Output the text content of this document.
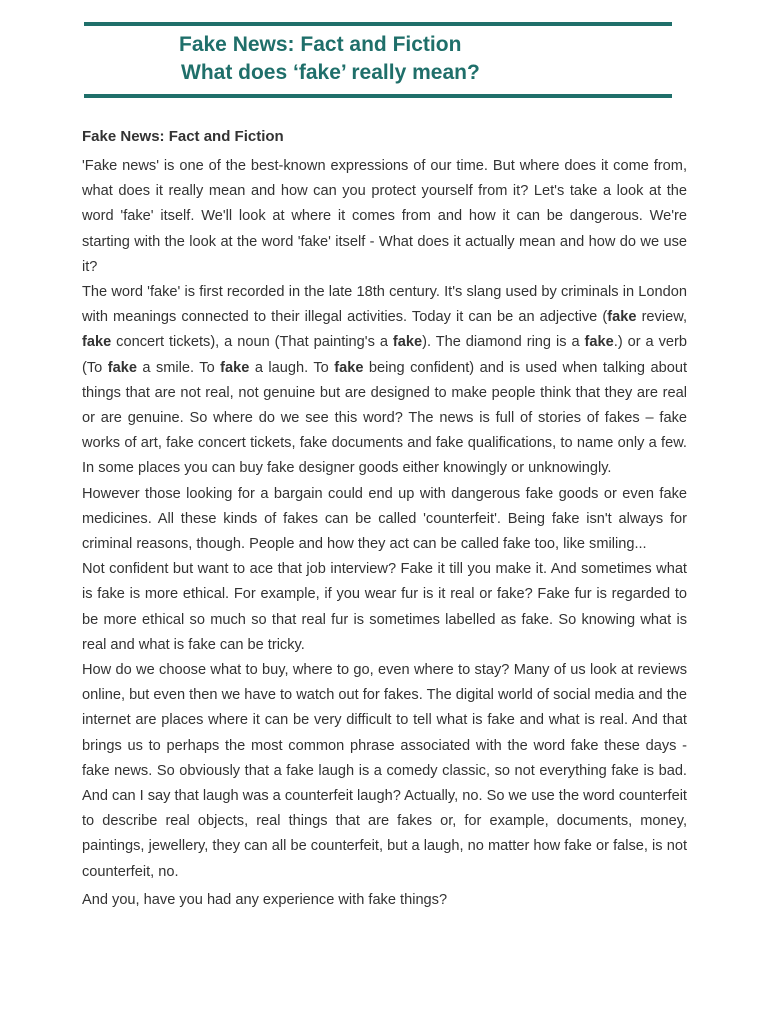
Fake News: Fact and Fiction
What does ‘fake’ really mean?
Fake News: Fact and Fiction

'Fake news' is one of the best-known expressions of our time. But where does it come from, what does it really mean and how can you protect yourself from it? Let's take a look at the word 'fake' itself. We'll look at where it comes from and how it can be dangerous. We're starting with the look at the word 'fake' itself - What does it actually mean and how do we use it?

The word 'fake' is first recorded in the late 18th century. It's slang used by criminals in London with meanings connected to their illegal activities. Today it can be an adjective (fake review, fake concert tickets), a noun (That painting's a fake). The diamond ring is a fake.) or a verb (To fake a smile. To fake a laugh. To fake being confident) and is used when talking about things that are not real, not genuine but are designed to make people think that they are real or are genuine. So where do we see this word? The news is full of stories of fakes – fake works of art, fake concert tickets, fake documents and fake qualifications, to name only a few. In some places you can buy fake designer goods either knowingly or unknowingly.

However those looking for a bargain could end up with dangerous fake goods or even fake medicines. All these kinds of fakes can be called 'counterfeit'. Being fake isn't always for criminal reasons, though. People and how they act can be called fake too, like smiling...

Not confident but want to ace that job interview? Fake it till you make it. And sometimes what is fake is more ethical. For example, if you wear fur is it real or fake? Fake fur is regarded to be more ethical so much so that real fur is sometimes labelled as fake. So knowing what is real and what is fake can be tricky.

How do we choose what to buy, where to go, even where to stay? Many of us look at reviews online, but even then we have to watch out for fakes. The digital world of social media and the internet are places where it can be very difficult to tell what is fake and what is real. And that brings us to perhaps the most common phrase associated with the word fake these days - fake news. So obviously that a fake laugh is a comedy classic, so not everything fake is bad. And can I say that laugh was a counterfeit laugh? Actually, no. So we use the word counterfeit to describe real objects, real things that are fakes or, for example, documents, money, paintings, jewellery, they can all be counterfeit, but a laugh, no matter how fake or false, is not counterfeit, no.

And you, have you had any experience with fake things?
